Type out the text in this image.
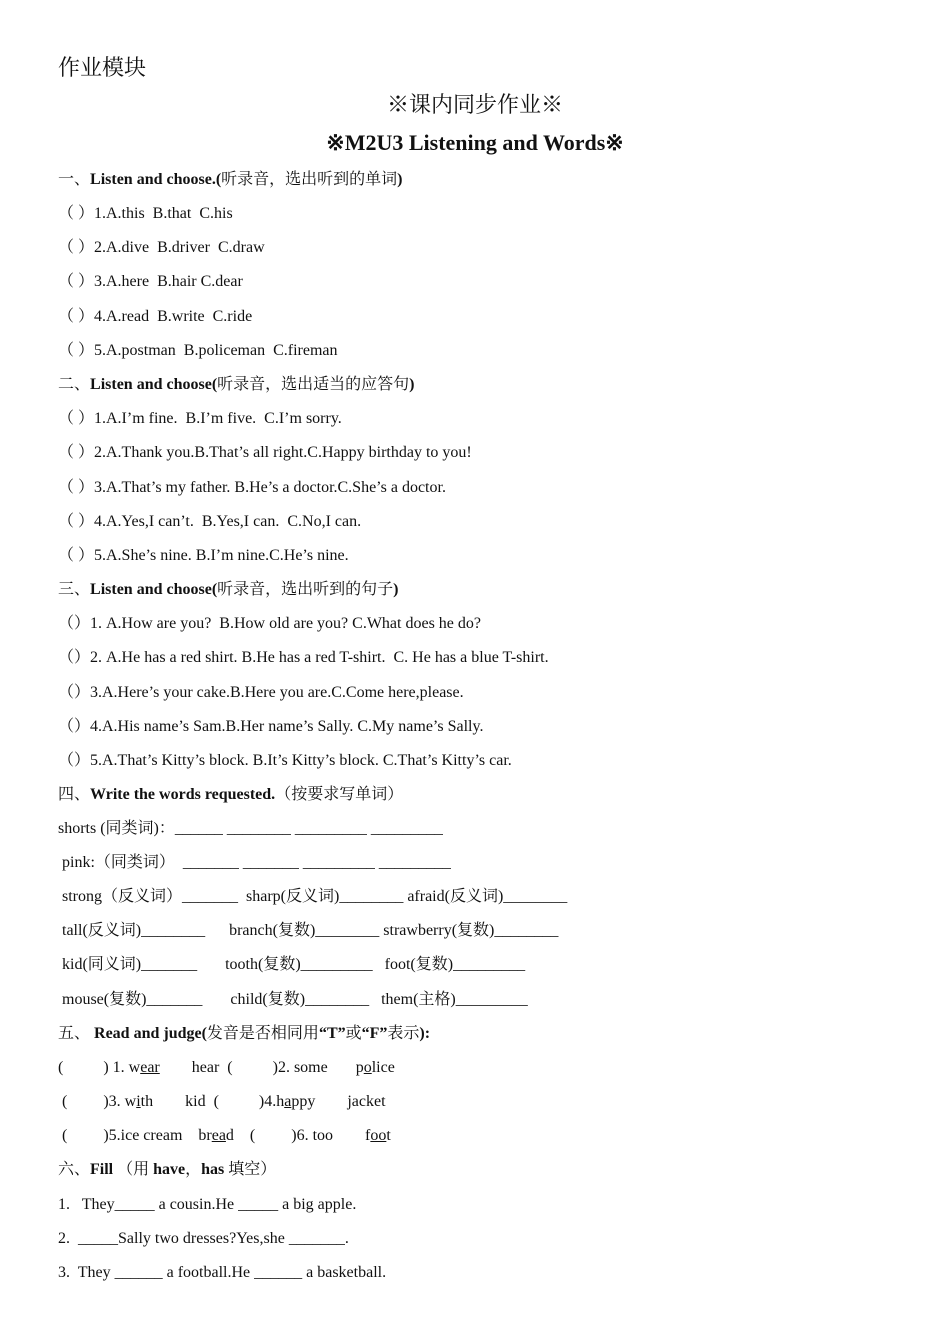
作业模块
※课内同步作业※
※M2U3 Listening and Words※
一、Listen and choose.(听录音，选出听到的单词)
（ ）1.A.this  B.that  C.his
（ ）2.A.dive  B.driver  C.draw
（ ）3.A.here  B.hair C.dear
（ ）4.A.read  B.write  C.ride
（ ）5.A.postman  B.policeman  C.fireman
二、Listen and choose(听录音，选出适当的应答句)
（ ）1.A.I’m fine.  B.I’m five.  C.I’m sorry.
（ ）2.A.Thank you.B.That’s all right.C.Happy birthday to you!
（ ）3.A.That’s my father. B.He’s a doctor.C.She’s a doctor.
（ ）4.A.Yes,I can’t.  B.Yes,I can.  C.No,I can.
（ ）5.A.She’s nine. B.I’m nine.C.He’s nine.
三、Listen and choose(听录音，选出听到的句子)
（）1. A.How are you?  B.How old are you? C.What does he do?
（）2. A.He has a red shirt. B.He has a red T-shirt.  C. He has a blue T-shirt.
（）3.A.Here’s your cake.B.Here you are.C.Come here,please.
（）4.A.His name’s Sam.B.Her name’s Sally. C.My name’s Sally.
（）5.A.That’s Kitty’s block. B.It’s Kitty’s block. C.That’s Kitty’s car.
四、Write the words requested.（按要求写单词）
shorts (同类词)：______ ________ _________ _________
pink:（同类词）  _______ _______ _________ _________
strong（反义词）_______  sharp(反义词)________ afraid(反义词)________
tall(反义词)________      branch(复数)________ strawberry(复数)________
kid(同义词)_______       tooth(复数)_________   foot(复数)_________
mouse(复数)_______       child(复数)________   them(主格)_________
五、 Read and judge(发音是否相同用“T”或“F”表示):
(          ) 1. wear        hear  (          )2. some       police
(         )3. with        kid  (          )4.happy        jacket
(         )5.ice cream    bread    (         )6. too        foot
六、Fill （用 have，has 填空）
1.   They_____ a cousin.He _____ a big apple.
2.  _____Sally two dresses?Yes,she _______.
3.  They ______ a football.He ______ a basketball.
